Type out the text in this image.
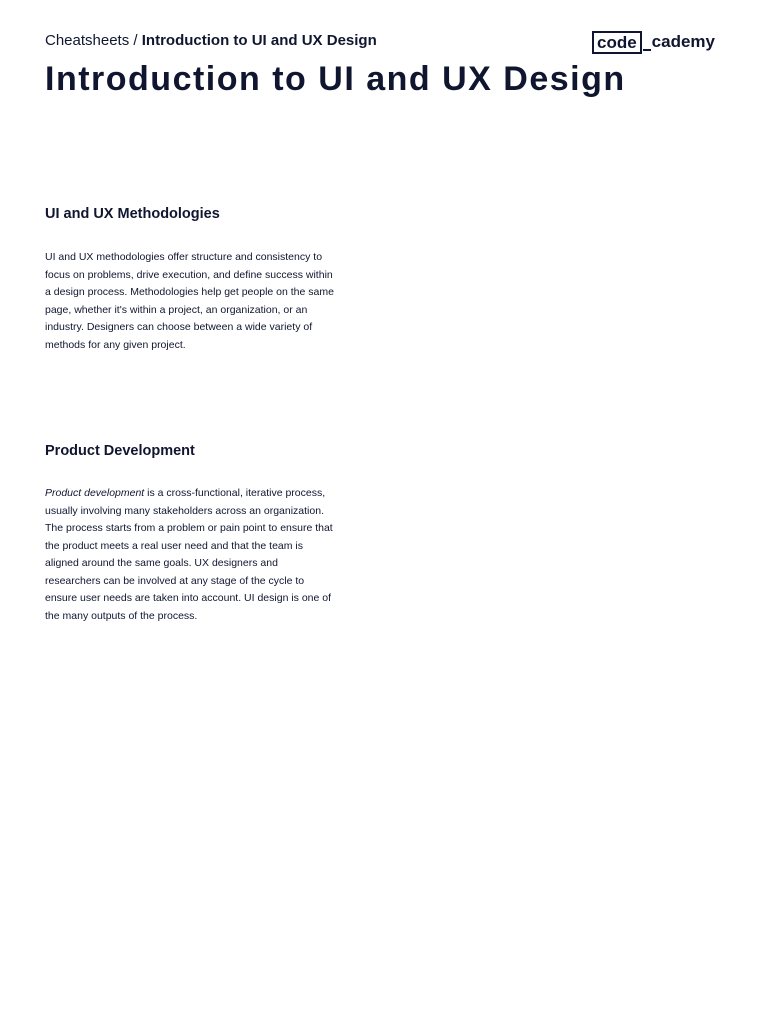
Cheatsheets / Introduction to UI and UX Design	code cademy
Introduction to UI and UX Design
UI and UX Methodologies

UI and UX methodologies offer structure and consistency to focus on problems, drive execution, and define success within a design process. Methodologies help get people on the same page, whether it's within a project, an organization, or an industry. Designers can choose between a wide variety of methods for any given project.

Product Development

Product development is a cross-functional, iterative process, usually involving many stakeholders across an organization. The process starts from a problem or pain point to ensure that the product meets a real user need and that the team is aligned around the same goals. UX designers and researchers can be involved at any stage of the cycle to ensure user needs are taken into account. UI design is one of the many outputs of the process.
